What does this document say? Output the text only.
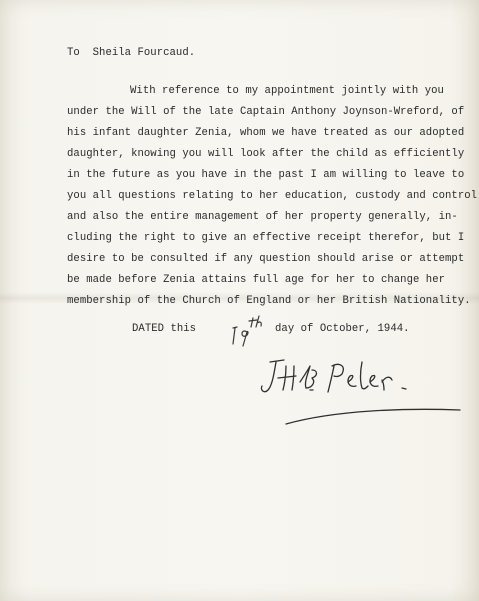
To  Sheila Fourcaud.
With reference to my appointment jointly with you
under the Will of the late Captain Anthony Joynson-Wreford, of
his infant daughter Zenia, whom we have treated as our adopted
daughter, knowing you will look after the child as efficiently
in the future as you have in the past I am willing to leave to
you all questions relating to her education, custody and control
and also the entire management of her property generally, in-
cluding the right to give an effective receipt therefor, but I
desire to be consulted if any question should arise or attempt
be made before Zenia attains full age for her to change her
membership of the Church of England or her British Nationality.
DATED this	day of October, 1944.
